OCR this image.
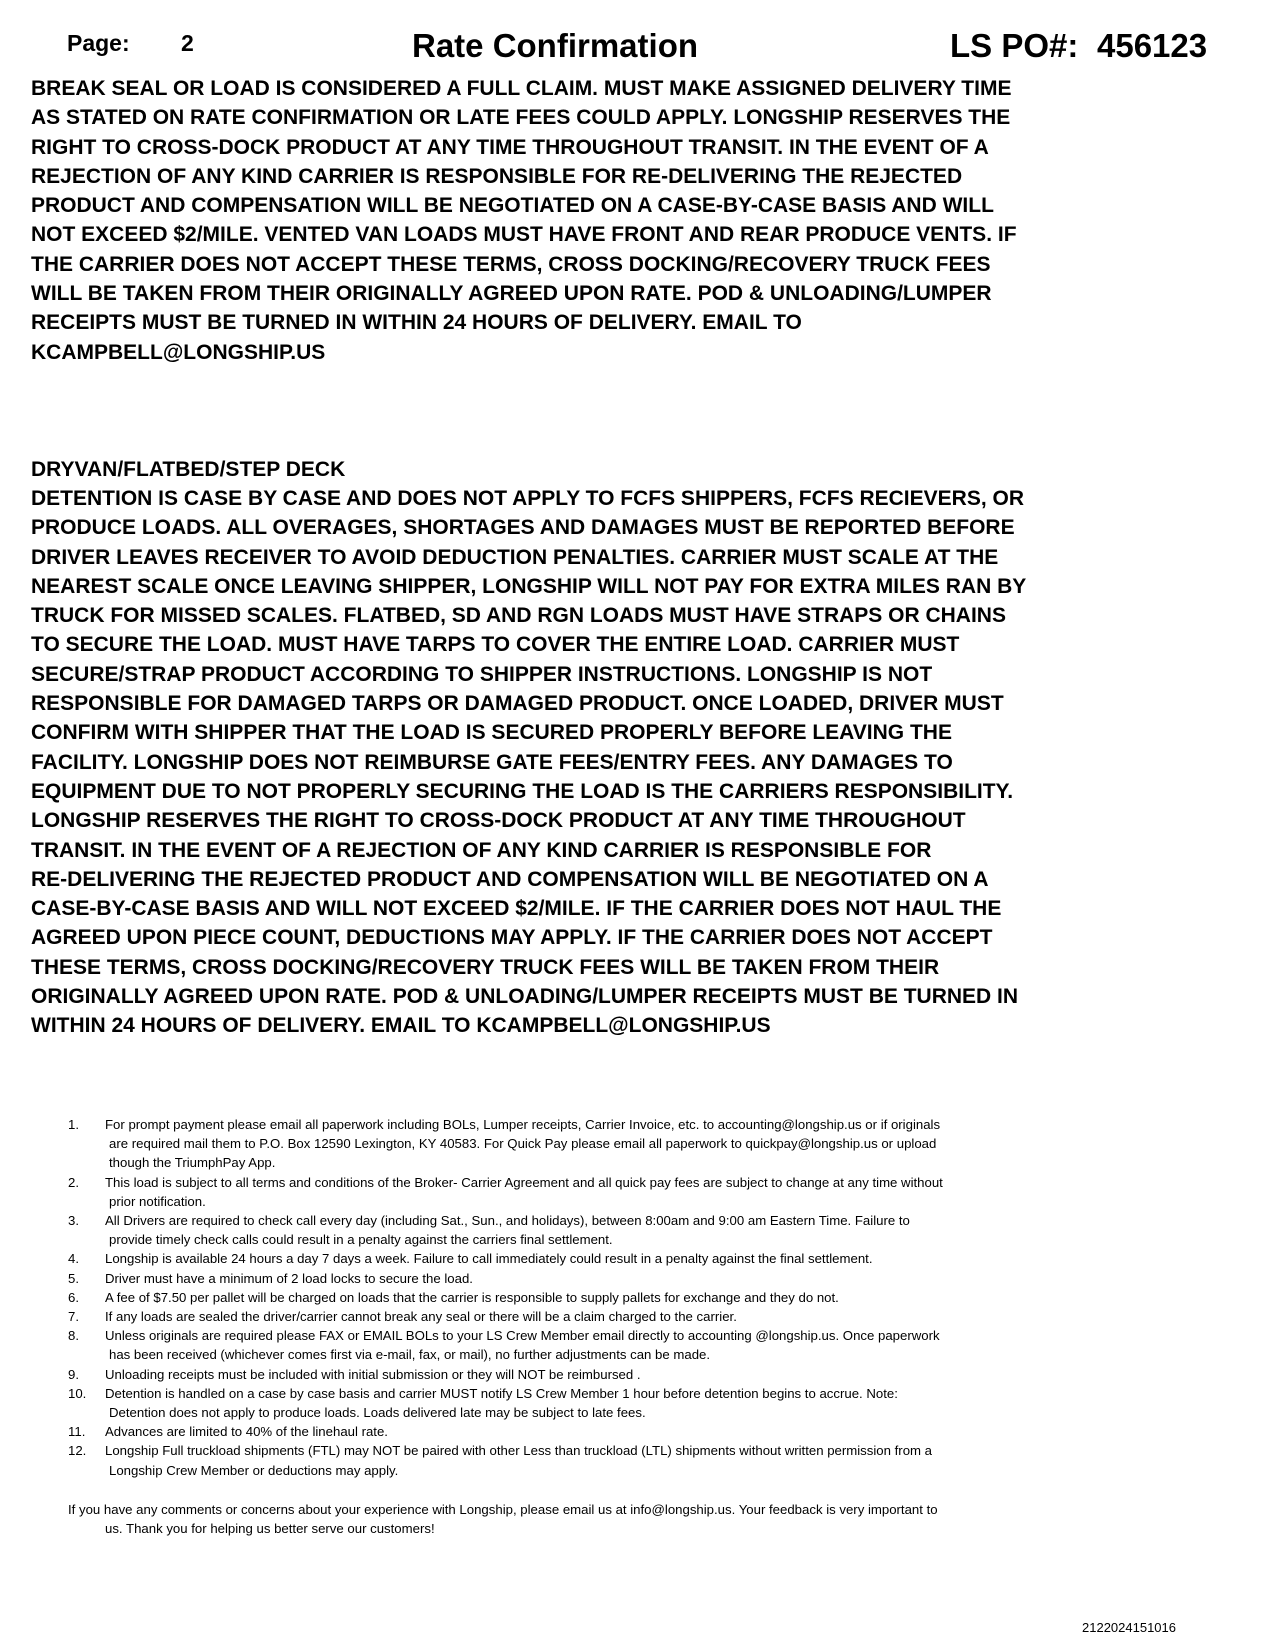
Page: 2	Rate Confirmation	LS PO#: 456123

BREAK SEAL OR LOAD IS CONSIDERED A FULL CLAIM. MUST MAKE ASSIGNED DELIVERY TIME
AS STATED ON RATE CONFIRMATION OR LATE FEES COULD APPLY. LONGSHIP RESERVES THE
RIGHT TO CROSS-DOCK PRODUCT AT ANY TIME THROUGHOUT TRANSIT. IN THE EVENT OF A
REJECTION OF ANY KIND CARRIER IS RESPONSIBLE FOR RE-DELIVERING THE REJECTED
PRODUCT AND COMPENSATION WILL BE NEGOTIATED ON A CASE-BY-CASE BASIS AND WILL
NOT EXCEED $2/MILE. VENTED VAN LOADS MUST HAVE FRONT AND REAR PRODUCE VENTS. IF
THE CARRIER DOES NOT ACCEPT THESE TERMS, CROSS DOCKING/RECOVERY TRUCK FEES
WILL BE TAKEN FROM THEIR ORIGINALLY AGREED UPON RATE. POD & UNLOADING/LUMPER
RECEIPTS MUST BE TURNED IN WITHIN 24 HOURS OF DELIVERY. EMAIL TO
KCAMPBELL@LONGSHIP.US

DRYVAN/FLATBED/STEP DECK

DETENTION IS CASE BY CASE AND DOES NOT APPLY TO FCFS SHIPPERS, FCFS RECIEVERS, OR
PRODUCE LOADS. ALL OVERAGES, SHORTAGES AND DAMAGES MUST BE REPORTED BEFORE
DRIVER LEAVES RECEIVER TO AVOID DEDUCTION PENALTIES. CARRIER MUST SCALE AT THE
NEAREST SCALE ONCE LEAVING SHIPPER, LONGSHIP WILL NOT PAY FOR EXTRA MILES RAN BY
TRUCK FOR MISSED SCALES. FLATBED, SD AND RGN LOADS MUST HAVE STRAPS OR CHAINS
TO SECURE THE LOAD. MUST HAVE TARPS TO COVER THE ENTIRE LOAD. CARRIER MUST
SECURE/STRAP PRODUCT ACCORDING TO SHIPPER INSTRUCTIONS. LONGSHIP IS NOT
RESPONSIBLE FOR DAMAGED TARPS OR DAMAGED PRODUCT. ONCE LOADED, DRIVER MUST
CONFIRM WITH SHIPPER THAT THE LOAD IS SECURED PROPERLY BEFORE LEAVING THE
FACILITY. LONGSHIP DOES NOT REIMBURSE GATE FEES/ENTRY FEES. ANY DAMAGES TO
EQUIPMENT DUE TO NOT PROPERLY SECURING THE LOAD IS THE CARRIERS RESPONSIBILITY.
LONGSHIP RESERVES THE RIGHT TO CROSS-DOCK PRODUCT AT ANY TIME THROUGHOUT
TRANSIT. IN THE EVENT OF A REJECTION OF ANY KIND CARRIER IS RESPONSIBLE FOR
RE-DELIVERING THE REJECTED PRODUCT AND COMPENSATION WILL BE NEGOTIATED ON A
CASE-BY-CASE BASIS AND WILL NOT EXCEED $2/MILE. IF THE CARRIER DOES NOT HAUL THE
AGREED UPON PIECE COUNT, DEDUCTIONS MAY APPLY. IF THE CARRIER DOES NOT ACCEPT
THESE TERMS, CROSS DOCKING/RECOVERY TRUCK FEES WILL BE TAKEN FROM THEIR
ORIGINALLY AGREED UPON RATE. POD & UNLOADING/LUMPER RECEIPTS MUST BE TURNED IN
WITHIN 24 HOURS OF DELIVERY. EMAIL TO KCAMPBELL@LONGSHIP.US

1. For prompt payment please email all paperwork including BOLs, Lumper receipts, Carrier Invoice, etc. to accounting@longship.us or if originals
are required mail them to P.O. Box 12590 Lexington, KY 40583. For Quick Pay please email all paperwork to quickpay@longship.us or upload
though the TriumphPay App.
2. This load is subject to all terms and conditions of the Broker- Carrier Agreement and all quick pay fees are subject to change at any time without
prior notification.
3. All Drivers are required to check call every day (including Sat., Sun., and holidays), between 8:00am and 9:00 am Eastern Time. Failure to
provide timely check calls could result in a penalty against the carriers final settlement.
4. Longship is available 24 hours a day 7 days a week. Failure to call immediately could result in a penalty against the final settlement.
5. Driver must have a minimum of 2 load locks to secure the load.
6. A fee of $7.50 per pallet will be charged on loads that the carrier is responsible to supply pallets for exchange and they do not.
7. If any loads are sealed the driver/carrier cannot break any seal or there will be a claim charged to the carrier.
8. Unless originals are required please FAX or EMAIL BOLs to your LS Crew Member email directly to accounting @longship.us. Once paperwork
has been received (whichever comes first via e-mail, fax, or mail), no further adjustments can be made.
9. Unloading receipts must be included with initial submission or they will NOT be reimbursed .
10. Detention is handled on a case by case basis and carrier MUST notify LS Crew Member 1 hour before detention begins to accrue. Note:
Detention does not apply to produce loads. Loads delivered late may be subject to late fees.
11. Advances are limited to 40% of the linehaul rate.
12. Longship Full truckload shipments (FTL) may NOT be paired with other Less than truckload (LTL) shipments without written permission from a
Longship Crew Member or deductions may apply.
If you have any comments or concerns about your experience with Longship, please email us at info@longship.us. Your feedback is very important to
us. Thank you for helping us better serve our customers!
2122024151016
